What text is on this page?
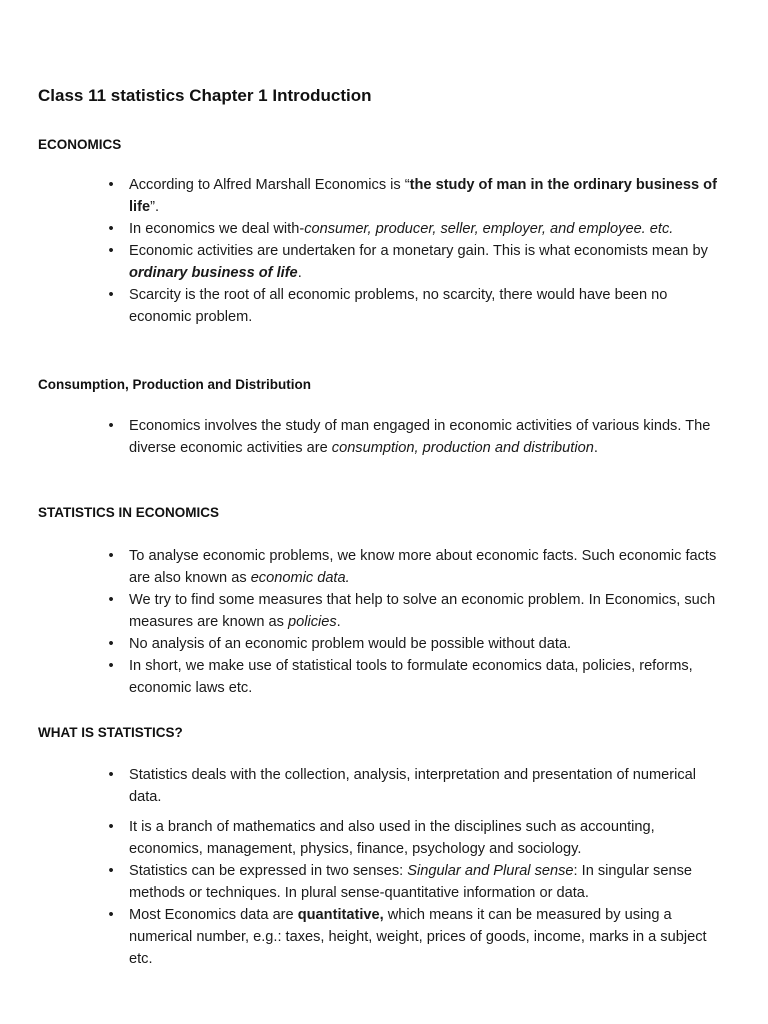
Class 11 statistics Chapter 1 Introduction
ECONOMICS
• According to Alfred Marshall Economics is “the study of man in the ordinary business of life”.
• In economics we deal with-consumer, producer, seller, employer, and employee. etc.
• Economic activities are undertaken for a monetary gain. This is what economists mean by ordinary business of life.
• Scarcity is the root of all economic problems, no scarcity, there would have been no economic problem.
Consumption, Production and Distribution
• Economics involves the study of man engaged in economic activities of various kinds. The diverse economic activities are consumption, production and distribution.
STATISTICS IN ECONOMICS
• To analyse economic problems, we know more about economic facts. Such economic facts are also known as economic data.
• We try to find some measures that help to solve an economic problem. In Economics, such measures are known as policies.
• No analysis of an economic problem would be possible without data.
• In short, we make use of statistical tools to formulate economics data, policies, reforms, economic laws etc.
WHAT IS STATISTICS?
• Statistics deals with the collection, analysis, interpretation and presentation of numerical data.
• It is a branch of mathematics and also used in the disciplines such as accounting, economics, management, physics, finance, psychology and sociology.
• Statistics can be expressed in two senses: Singular and Plural sense: In singular sense methods or techniques. In plural sense-quantitative information or data.
• Most Economics data are quantitative, which means it can be measured by using a numerical number, e.g.: taxes, height, weight, prices of goods, income, marks in a subject etc.
